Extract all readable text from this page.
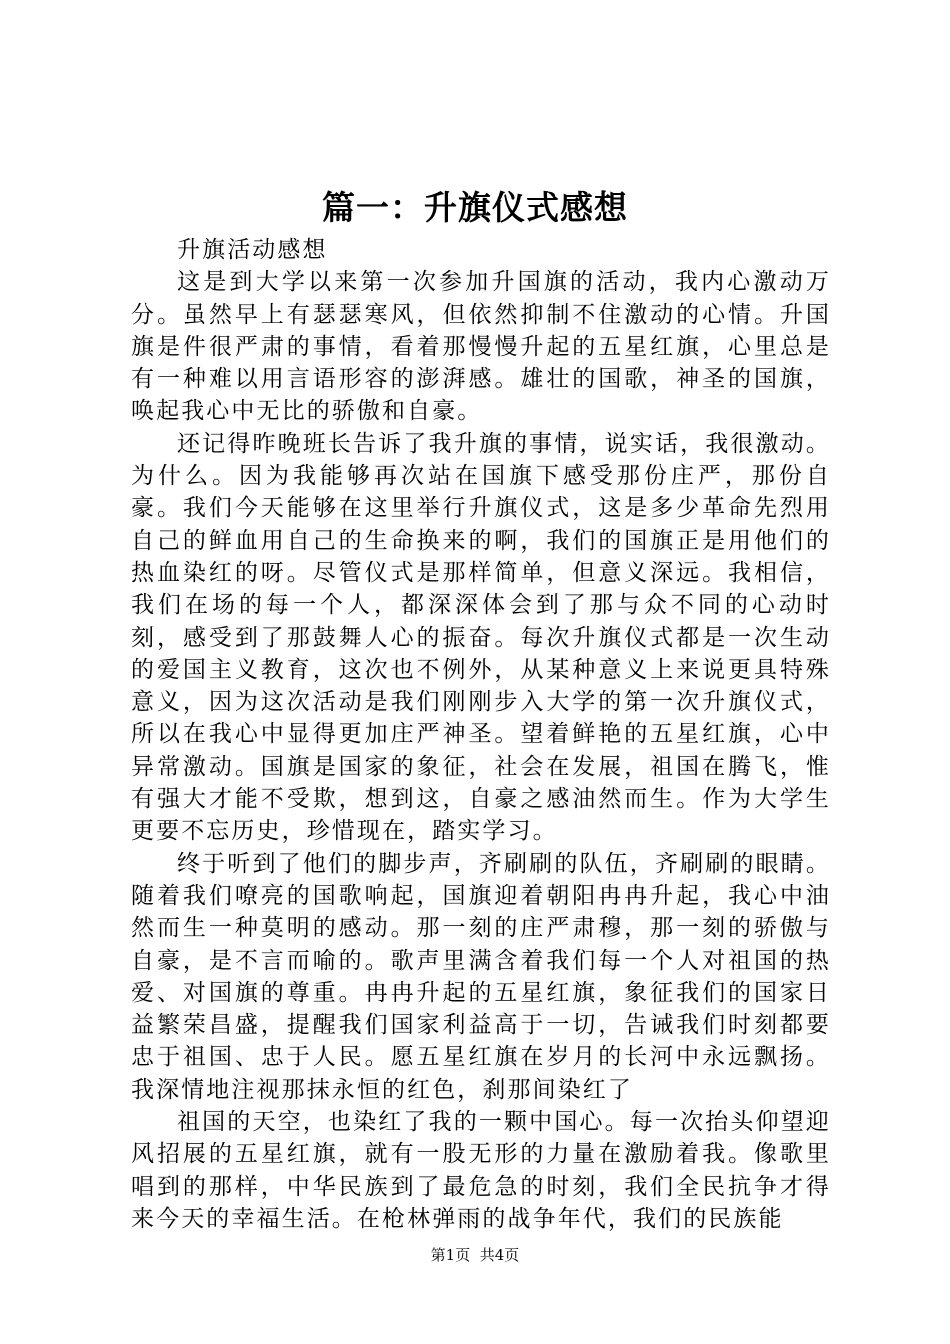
篇一：升旗仪式感想

升旗活动感想

这是到大学以来第一次参加升国旗的活动，我内心激动万分。虽然早上有瑟瑟寒风，但依然抑制不住激动的心情。升国旗是件很严肃的事情，看着那慢慢升起的五星红旗，心里总是有一种难以用言语形容的澎湃感。雄壮的国歌，神圣的国旗，唤起我心中无比的骄傲和自豪。

还记得昨晚班长告诉了我升旗的事情，说实话，我很激动。为什么。因为我能够再次站在国旗下感受那份庄严，那份自豪。我们今天能够在这里举行升旗仪式，这是多少革命先烈用自己的鲜血用自己的生命换来的啊，我们的国旗正是用他们的热血染红的呀。尽管仪式是那样简单，但意义深远。我相信，我们在场的每一个人，都深深体会到了那与众不同的心动时刻，感受到了那鼓舞人心的振奋。每次升旗仪式都是一次生动的爱国主义教育，这次也不例外，从某种意义上来说更具特殊意义，因为这次活动是我们刚刚步入大学的第一次升旗仪式，所以在我心中显得更加庄严神圣。望着鲜艳的五星红旗，心中异常激动。国旗是国家的象征，社会在发展，祖国在腾飞，惟有强大才能不受欺，想到这，自豪之感油然而生。作为大学生更要不忘历史，珍惜现在，踏实学习。

终于听到了他们的脚步声，齐刷刷的队伍，齐刷刷的眼睛。随着我们嘹亮的国歌响起，国旗迎着朝阳冉冉升起，我心中油然而生一种莫明的感动。那一刻的庄严肃穆，那一刻的骄傲与自豪，是不言而喻的。歌声里满含着我们每一个人对祖国的热爱、对国旗的尊重。冉冉升起的五星红旗，象征我们的国家日益繁荣昌盛，提醒我们国家利益高于一切，告诫我们时刻都要忠于祖国、忠于人民。愿五星红旗在岁月的长河中永远飘扬。我深情地注视那抹永恒的红色，刹那间染红了

祖国的天空，也染红了我的一颗中国心。每一次抬头仰望迎风招展的五星红旗，就有一股无形的力量在激励着我。像歌里唱到的那样，中华民族到了最危急的时刻，我们全民抗争才得来今天的幸福生活。在枪林弹雨的战争年代，我们的民族能

第1页 共4页
